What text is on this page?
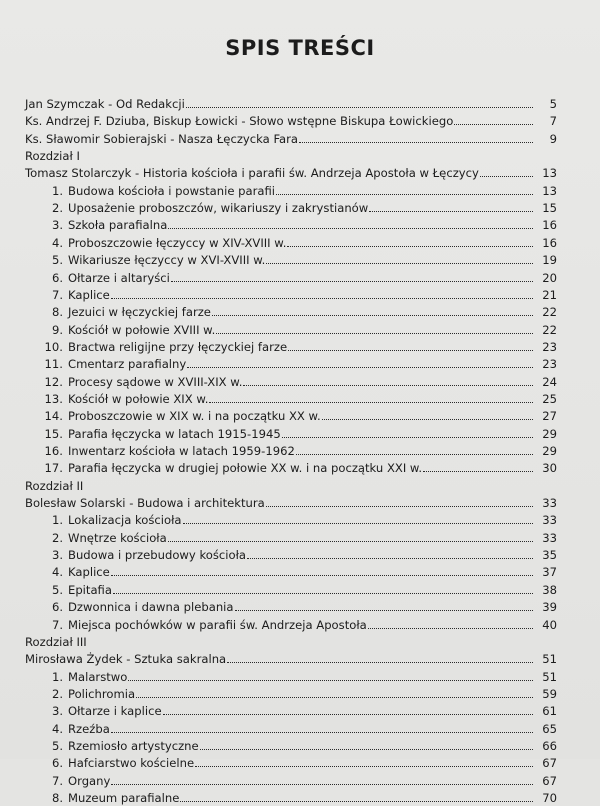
SPIS TREŚCI
Jan Szymczak - Od Redakcji	5
Ks. Andrzej F. Dziuba, Biskup Łowicki - Słowo wstępne Biskupa Łowickiego	7
Ks. Sławomir Sobierajski - Nasza Łęczycka Fara	9
Rozdział I
Tomasz Stolarczyk - Historia kościoła i parafii św. Andrzeja Apostoła w Łęczycy	13
1. Budowa kościoła i powstanie parafii	13
2. Uposażenie proboszczów, wikariuszy i zakrystianów	15
3. Szkoła parafialna	16
4. Proboszczowie łęczyccy w XIV-XVIII w.	16
5. Wikariusze łęczyccy w XVI-XVIII w.	19
6. Ołtarze i altaryści	20
7. Kaplice	21
8. Jezuici w łęczyckiej farze	22
9. Kościół w połowie XVIII w.	22
10. Bractwa religijne przy łęczyckiej farze	23
11. Cmentarz parafialny	23
12. Procesy sądowe w XVIII-XIX w.	24
13. Kościół w połowie XIX w.	25
14. Proboszczowie w XIX w. i na początku XX w.	27
15. Parafia łęczycka w latach 1915-1945	29
16. Inwentarz kościoła w latach 1959-1962	29
17. Parafia łęczycka w drugiej połowie XX w. i na początku XXI w.	30
Rozdział II
Bolesław Solarski - Budowa i architektura	33
1. Lokalizacja kościoła	33
2. Wnętrze kościoła	33
3. Budowa i przebudowy kościoła	35
4. Kaplice	37
5. Epitafia	38
6. Dzwonnica i dawna plebania	39
7. Miejsca pochówków w parafii św. Andrzeja Apostoła	40
Rozdział III
Mirosława Żydek - Sztuka sakralna	51
1. Malarstwo	51
2. Polichromia	59
3. Ołtarze i kaplice	61
4. Rzeźba	65
5. Rzemiosło artystyczne	66
6. Hafciarstwo kościelne	67
7. Organy	67
8. Muzeum parafialne	70
